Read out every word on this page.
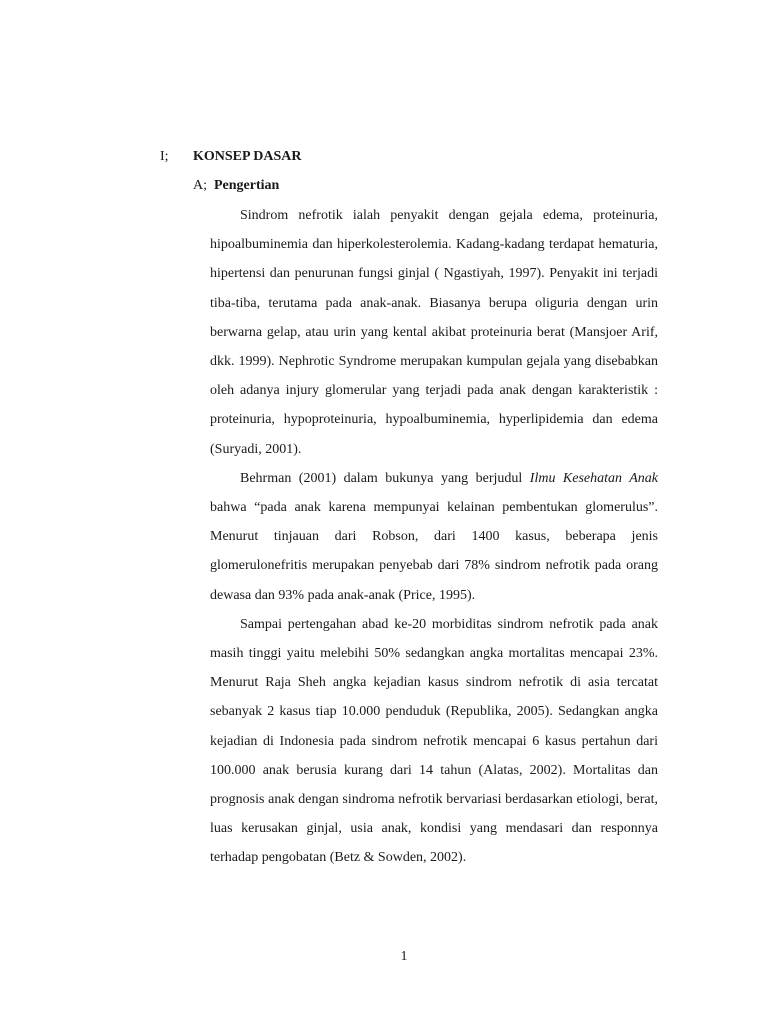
I; KONSEP DASAR
A; Pengertian

Sindrom nefrotik ialah penyakit dengan gejala edema, proteinuria, hipoalbuminemia dan hiperkolesterolemia. Kadang-kadang terdapat hematuria, hipertensi dan penurunan fungsi ginjal ( Ngastiyah, 1997). Penyakit ini terjadi tiba-tiba, terutama pada anak-anak. Biasanya berupa oliguria dengan urin berwarna gelap, atau urin yang kental akibat proteinuria berat (Mansjoer Arif, dkk. 1999). Nephrotic Syndrome merupakan kumpulan gejala yang disebabkan oleh adanya injury glomerular yang terjadi pada anak dengan karakteristik : proteinuria, hypoproteinuria, hypoalbuminemia, hyperlipidemia dan edema (Suryadi, 2001).

Behrman (2001) dalam bukunya yang berjudul Ilmu Kesehatan Anak bahwa “pada anak karena mempunyai kelainan pembentukan glomerulus”. Menurut tinjauan dari Robson, dari 1400 kasus, beberapa jenis glomerulonefritis merupakan penyebab dari 78% sindrom nefrotik pada orang dewasa dan 93% pada anak-anak (Price, 1995).

Sampai pertengahan abad ke-20 morbiditas sindrom nefrotik pada anak masih tinggi yaitu melebihi 50% sedangkan angka mortalitas mencapai 23%. Menurut Raja Sheh angka kejadian kasus sindrom nefrotik di asia tercatat sebanyak 2 kasus tiap 10.000 penduduk (Republika, 2005). Sedangkan angka kejadian di Indonesia pada sindrom nefrotik mencapai 6 kasus pertahun dari 100.000 anak berusia kurang dari 14 tahun (Alatas, 2002). Mortalitas dan prognosis anak dengan sindroma nefrotik bervariasi berdasarkan etiologi, berat, luas kerusakan ginjal, usia anak, kondisi yang mendasari dan responnya terhadap pengobatan (Betz & Sowden, 2002).

1
